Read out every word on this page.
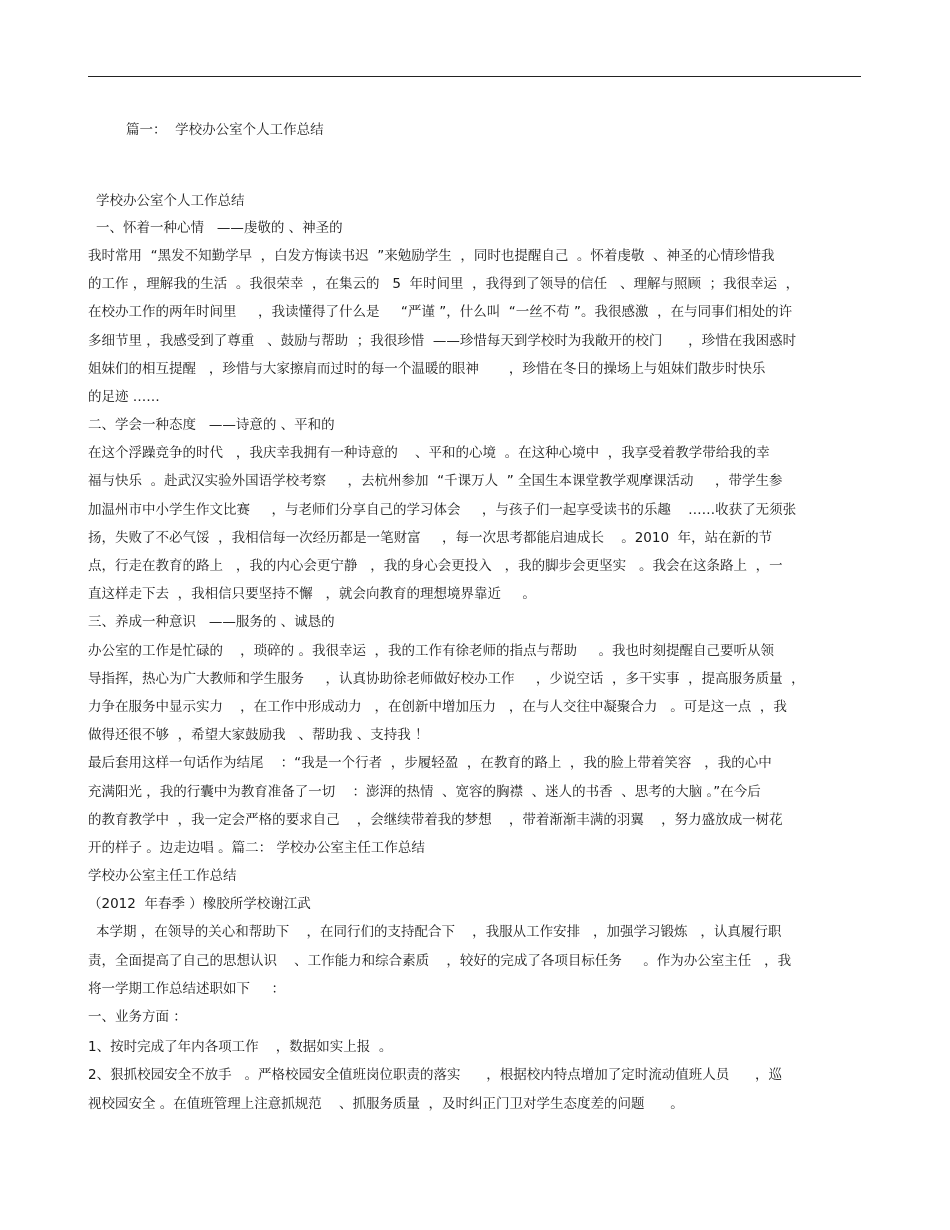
篇一：  学校办公室个人工作总结
学校办公室个人工作总结
一、怀着一种心情   ——虔敬的 、神圣的
我时常用  “黑发不知勤学早  ，白发方悔读书迟  ”来勉励学生  ，同时也提醒自己  。怀着虔敬  、神圣的心情珍惜我
的工作 ，理解我的生活  。我很荣幸  ，在集云的   5  年时间里  ，我得到了领导的信任   、理解与照顾  ；我很幸运  ，
在校办工作的两年时间里     ，我读懂得了什么是     “严谨 ”，什么叫  “一丝不苟 ”。我很感激  ，在与同事们相处的许
多细节里 ，我感受到了尊重   、鼓励与帮助  ；我很珍惜  ——珍惜每天到学校时为我敞开的校门      ，珍惜在我困惑时
姐妹们的相互提醒   ，珍惜与大家擦肩而过时的每一个温暖的眼神       ，珍惜在冬日的操场上与姐妹们散步时快乐
的足迹 ……
二、学会一种态度   ——诗意的 、平和的
在这个浮躁竞争的时代   ，我庆幸我拥有一种诗意的    、平和的心境  。在这种心境中  ，我享受着教学带给我的幸
福与快乐  。赴武汉实验外国语学校考察     ，去杭州参加  “千课万人  ” 全国生本课堂教学观摩课活动     ，带学生参
加温州市中小学生作文比赛     ，与老师们分享自己的学习体会     ，与孩子们一起享受读书的乐趣    ……收获了无须张
扬，失败了不必气馁  ，我相信每一次经历都是一笔财富     ，每一次思考都能启迪成长    。2010  年，站在新的节
点，行走在教育的路上   ，我的内心会更宁静   ，我的身心会更投入   ，我的脚步会更坚实   。我会在这条路上  ，一
直这样走下去  ，我相信只要坚持不懈   ，就会向教育的理想境界靠近     。
三、养成一种意识   ——服务的 、诚恳的
办公室的工作是忙碌的    ，琐碎的 。我很幸运  ，我的工作有徐老师的指点与帮助     。我也时刻提醒自己要听从领
导指挥，热心为广大教师和学生服务     ，认真协助徐老师做好校办工作     ，少说空话  ，多干实事  ，提高服务质量  ，
力争在服务中显示实力    ，在工作中形成动力   ，在创新中增加压力   ，在与人交往中凝聚合力   。可是这一点  ，我
做得还很不够  ，希望大家鼓励我   、帮助我 、支持我 ！
最后套用这样一句话作为结尾    ：“我是一个行者  ，步履轻盈  ，在教育的路上  ，我的脸上带着笑容   ，我的心中
充满阳光 ，我的行囊中为教育准备了一切    ：澎湃的热情  、宽容的胸襟  、迷人的书香  、思考的大脑 。”在今后
的教育教学中  ，我一定会严格的要求自己    ，会继续带着我的梦想    ，带着渐渐丰满的羽翼    ，努力盛放成一树花
开的样子 。边走边唱 。篇二： 学校办公室主任工作总结
学校办公室主任工作总结
（2012  年春季 ）橡胶所学校谢江武
本学期 ，在领导的关心和帮助下    ，在同行们的支持配合下    ，我服从工作安排   ，加强学习锻炼   ，认真履行职
责，全面提高了自己的思想认识    、工作能力和综合素质    ，较好的完成了各项目标任务     。作为办公室主任   ，我
将一学期工作总结述职如下     ：
一、业务方面 ：
1、按时完成了年内各项工作    ，数据如实上报  。
2、狠抓校园安全不放手   。严格校园安全值班岗位职责的落实      ，根据校内特点增加了定时流动值班人员      ，巡
视校园安全 。在值班管理上注意抓规范    、抓服务质量  ，及时纠正门卫对学生态度差的问题      。
